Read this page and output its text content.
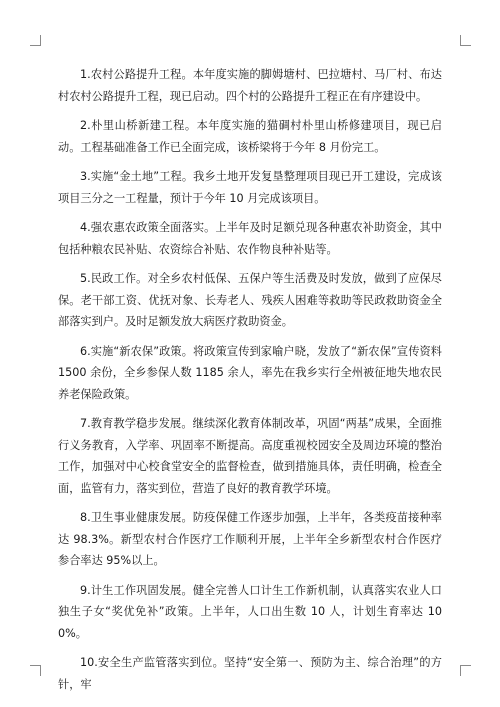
1.农村公路提升工程。本年度实施的脚姆塘村、巴拉塘村、马厂村、布达村农村公路提升工程，现已启动。四个村的公路提升工程正在有序建设中。

2.朴里山桥新建工程。本年度实施的猫碉村朴里山桥修建项目，现已启动。工程基础准备工作已全面完成，该桥梁将于今年 8 月份完工。

3.实施“金土地”工程。我乡土地开发复垦整理项目现已开工建设，完成该项目三分之一工程量，预计于今年 10 月完成该项目。

4.强农惠农政策全面落实。上半年及时足额兑现各种惠农补助资金，其中包括种粮农民补贴、农资综合补贴、农作物良种补贴等。

5.民政工作。对全乡农村低保、五保户等生活费及时发放，做到了应保尽保。老干部工资、优抚对象、长寿老人、残疾人困难等救助等民政救助资金全部落实到户。及时足额发放大病医疗救助资金。

6.实施“新农保”政策。将政策宣传到家喻户晓，发放了“新农保”宣传资料 1500 余份，全乡参保人数 1185 余人，率先在我乡实行全州被征地失地农民养老保险政策。

7.教育教学稳步发展。继续深化教育体制改革，巩固“两基”成果，全面推行义务教育，入学率、巩固率不断提高。高度重视校园安全及周边环境的整治工作，加强对中心校食堂安全的监督检查，做到措施具体，责任明确，检查全面，监管有力，落实到位，营造了良好的教育教学环境。

8.卫生事业健康发展。防疫保健工作逐步加强，上半年，各类疫苗接种率达 98.3%。新型农村合作医疗工作顺利开展，上半年全乡新型农村合作医疗参合率达 95%以上。

9.计生工作巩固发展。健全完善人口计生工作新机制，认真落实农业人口独生子女“奖优免补”政策。上半年，人口出生数 10 人，计划生育率达 100%。

10.安全生产监管落实到位。坚持“安全第一、预防为主、综合治理”的方针，牢
